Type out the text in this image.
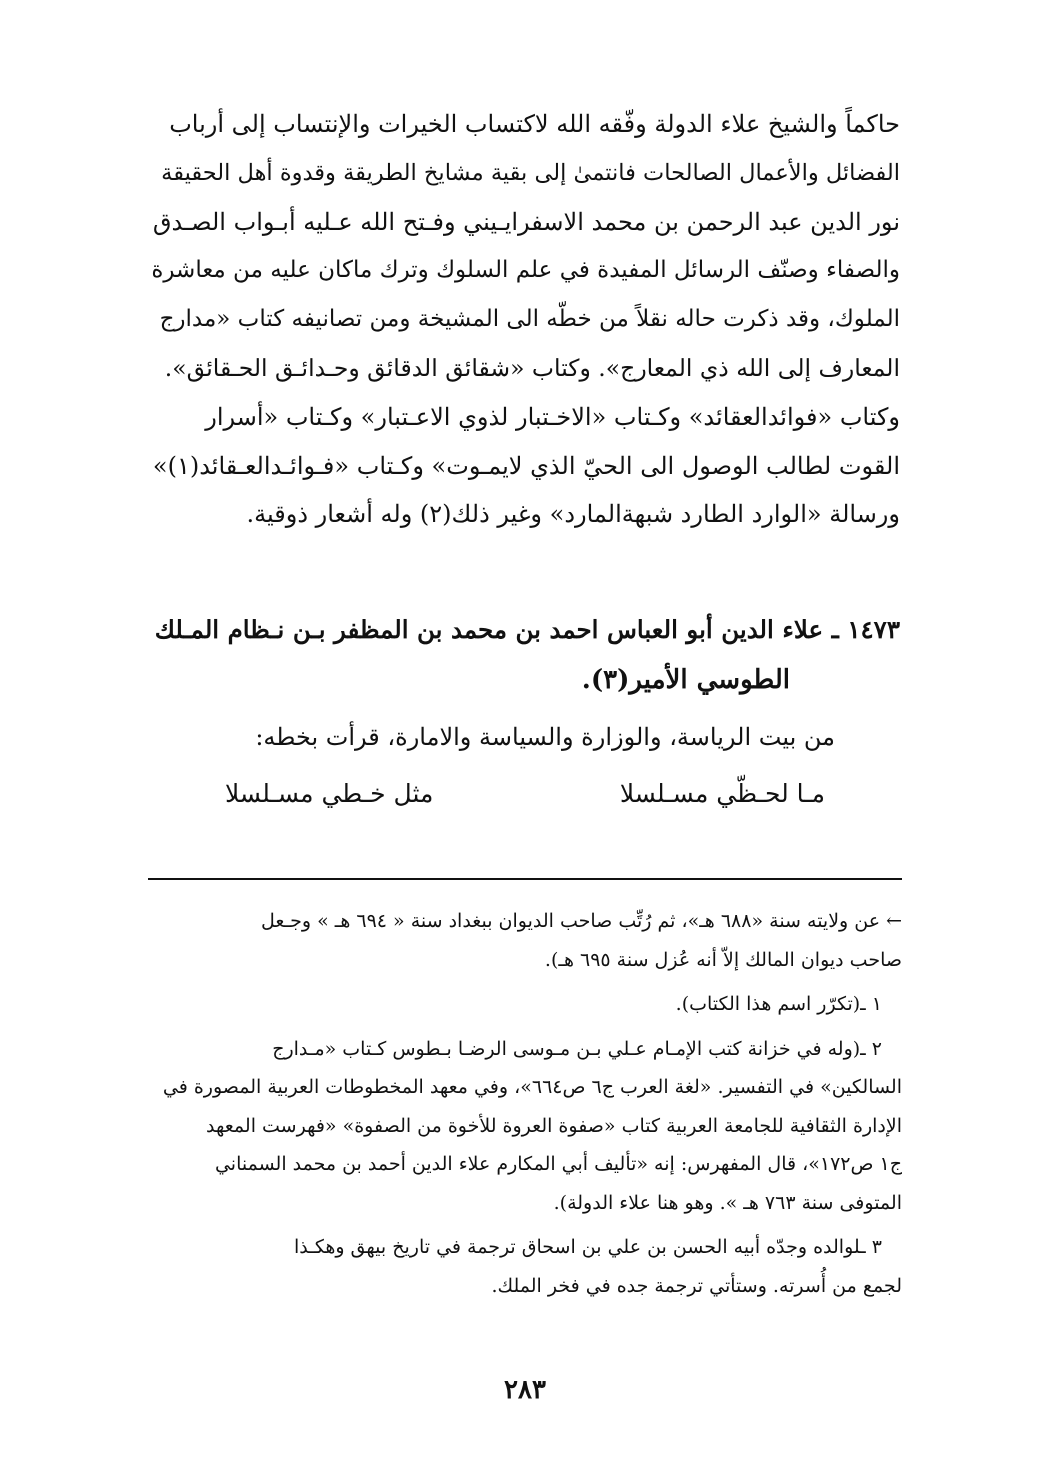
حاكماً والشيخ علاء الدولة وفّقه الله لاكتساب الخيرات والإنتساب إلى أرباب
الفضائل والأعمال الصالحات فانتمىٰ إلى بقية مشايخ الطريقة وقدوة أهل الحقيقة
نور الدين عبد الرحمن بن محمد الاسفرايـيني وفـتح الله عـليه أبـواب الصـدق
والصفاء وصنّف الرسائل المفيدة في علم السلوك وترك ماكان عليه من معاشرة
الملوك، وقد ذكرت حاله نقلاً من خطّه الى المشيخة ومن تصانيفه كتاب «مدارج
المعارف إلى الله ذي المعارج». وكتاب «شقائق الدقائق وحـدائـق الحـقائق».
وكتاب «فوائدالعقائد» وكـتاب «الاخـتبار لذوي الاعـتبار» وكـتاب «أسرار
القوت لطالب الوصول الى الحيّ الذي لايمـوت» وكـتاب «فـوائـدالعـقائد(١)»
ورسالة «الوارد الطارد شبهةالمارد» وغير ذلك(٢) وله أشعار ذوقية.
١٤٧٣ ـ علاء الدين أبو العباس احمد بن محمد بن المظفر بـن نـظام المـلك
الطوسي الأمير(٣).
من بيت الرياسة، والوزارة والسياسة والامارة، قرأت بخطه:
مـا لحـظّي مسـلسلا
مثل خـطي مسـلسلا
←عن ولايته سنة «٦٨٨ هـ»، ثم رُتِّب صاحب الديوان ببغداد سنة « ٦٩٤ هـ » وجـعل
صاحب ديوان المالك إلاّ أنه عُزل سنة ٦٩٥ هـ).
١ ـ(تكرّر اسم هذا الكتاب).
٢ ـ(وله في خزانة كتب الإمـام عـلي بـن مـوسى الرضـا بـطوس كـتاب «مـدارج
السالكين» في التفسير. «لغة العرب ج٦ ص٦٦٤»، وفي معهد المخطوطات العربية المصورة في
الإدارة الثقافية للجامعة العربية كتاب «صفوة العروة للأخوة من الصفوة» «فهرست المعهد
ج١ ص١٧٢»، قال المفهرس: إنه «تأليف أبي المكارم علاء الدين أحمد بن محمد السمناني
المتوفى سنة ٧٦٣ هـ ». وهو هنا علاء الدولة).
٣ ـلوالده وجدّه أبيه الحسن بن علي بن اسحاق ترجمة في تاريخ بيهق وهكـذا
لجمع من أُسرته. وستأتي ترجمة جده في فخر الملك.
٢٨٣
